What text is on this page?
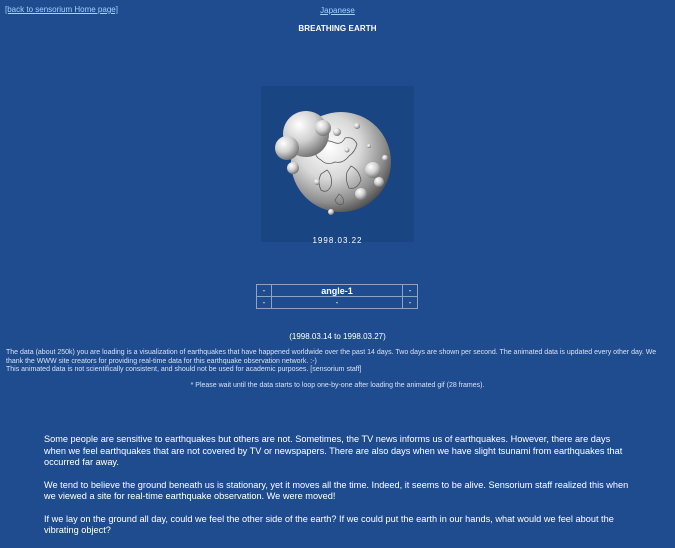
[back to sensorium Home page]	Japanese
BREATHING EARTH
1998.03.22
-	angle-1	-
-	-	-
(1998.03.14 to 1998.03.27)
The data (about 250k) you are loading is a visualization of earthquakes that have happened worldwide over the past 14 days. Two days are shown per second. The animated data is updated every other day. We thank the WWW site creators for providing real-time data for this earthquake observation network. :-)
This animated data is not scientifically consistent, and should not be used for academic purposes. [sensorium staff]
* Please wait until the data starts to loop one-by-one after loading the animated gif (28 frames).

Some people are sensitive to earthquakes but others are not. Sometimes, the TV news informs us of earthquakes. However, there are days when we feel earthquakes that are not covered by TV or newspapers. There are also days when we have slight tsunami from earthquakes that occurred far away.

We tend to believe the ground beneath us is stationary, yet it moves all the time. Indeed, it seems to be alive. Sensorium staff realized this when we viewed a site for real-time earthquake observation. We were moved!

If we lay on the ground all day, could we feel the other side of the earth? If we could put the earth in our hands, what would we feel about the vibrating object?
